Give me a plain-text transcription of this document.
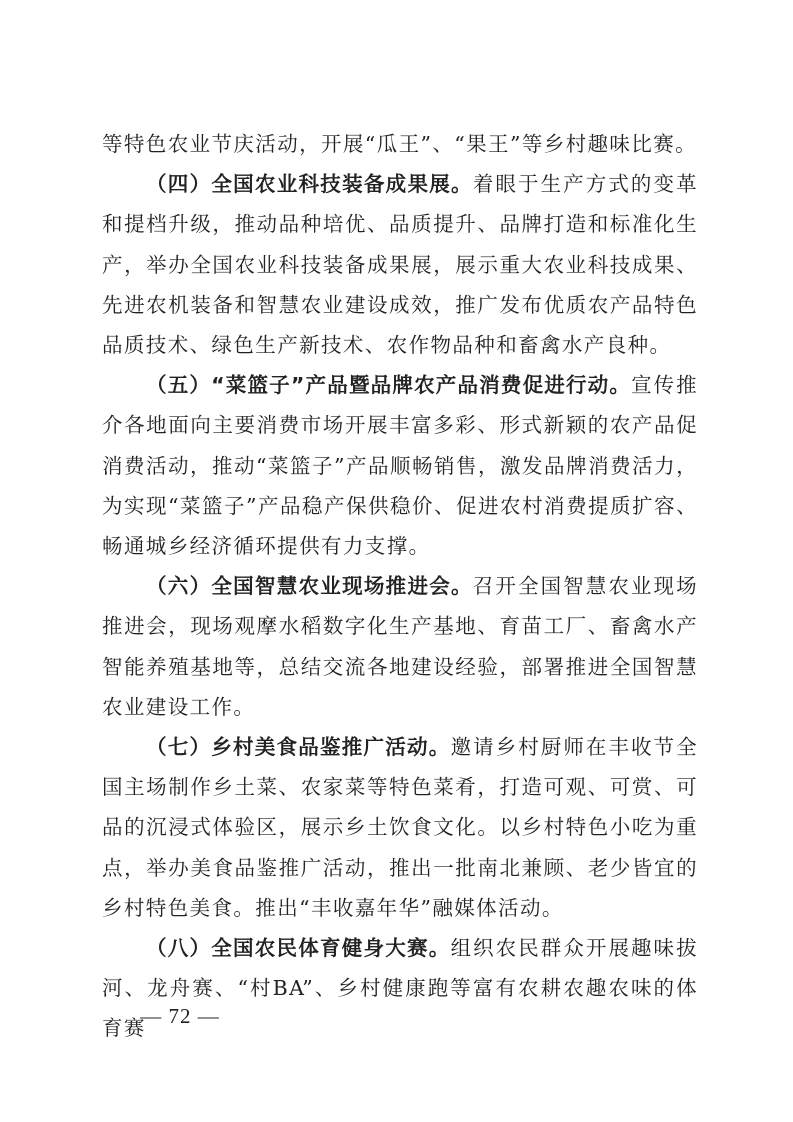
等特色农业节庆活动，开展“瓜王”、“果王”等乡村趣味比赛。

（四）全国农业科技装备成果展。着眼于生产方式的变革和提档升级，推动品种培优、品质提升、品牌打造和标准化生产，举办全国农业科技装备成果展，展示重大农业科技成果、先进农机装备和智慧农业建设成效，推广发布优质农产品特色品质技术、绿色生产新技术、农作物品种和畜禽水产良种。

（五）“菜篮子”产品暨品牌农产品消费促进行动。宣传推介各地面向主要消费市场开展丰富多彩、形式新颖的农产品促消费活动，推动“菜篮子”产品顺畅销售，激发品牌消费活力，为实现“菜篮子”产品稳产保供稳价、促进农村消费提质扩容、畅通城乡经济循环提供有力支撑。

（六）全国智慧农业现场推进会。召开全国智慧农业现场推进会，现场观摩水稻数字化生产基地、育苗工厂、畜禽水产智能养殖基地等，总结交流各地建设经验，部署推进全国智慧农业建设工作。

（七）乡村美食品鉴推广活动。邀请乡村厨师在丰收节全国主场制作乡土菜、农家菜等特色菜肴，打造可观、可赏、可品的沉浸式体验区，展示乡土饮食文化。以乡村特色小吃为重点，举办美食品鉴推广活动，推出一批南北兼顾、老少皆宜的乡村特色美食。推出“丰收嘉年华”融媒体活动。

（八）全国农民体育健身大赛。组织农民群众开展趣味拔河、龙舟赛、“村BA”、乡村健康跑等富有农耕农趣农味的体育赛

— 72 —
